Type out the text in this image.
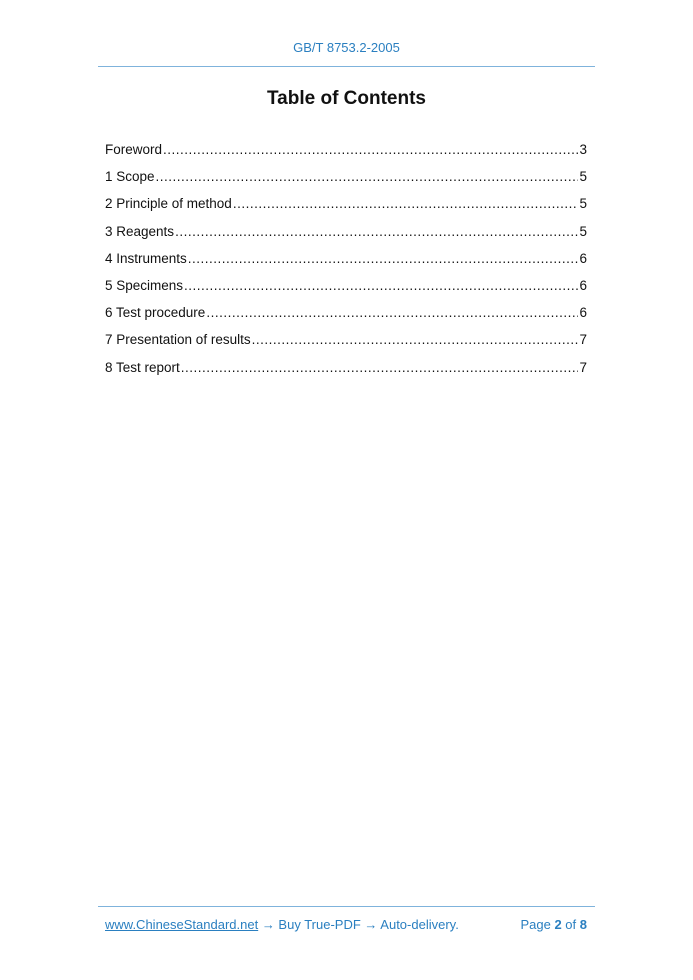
GB/T 8753.2-2005
Table of Contents
Foreword .....	3
1 Scope .....	5
2 Principle of method .....	5
3 Reagents .....	5
4 Instruments .....	6
5 Specimens .....	6
6 Test procedure .....	6
7 Presentation of results .....	7
8 Test report .....	7
www.ChineseStandard.net → Buy True-PDF → Auto-delivery.	Page 2 of 8
